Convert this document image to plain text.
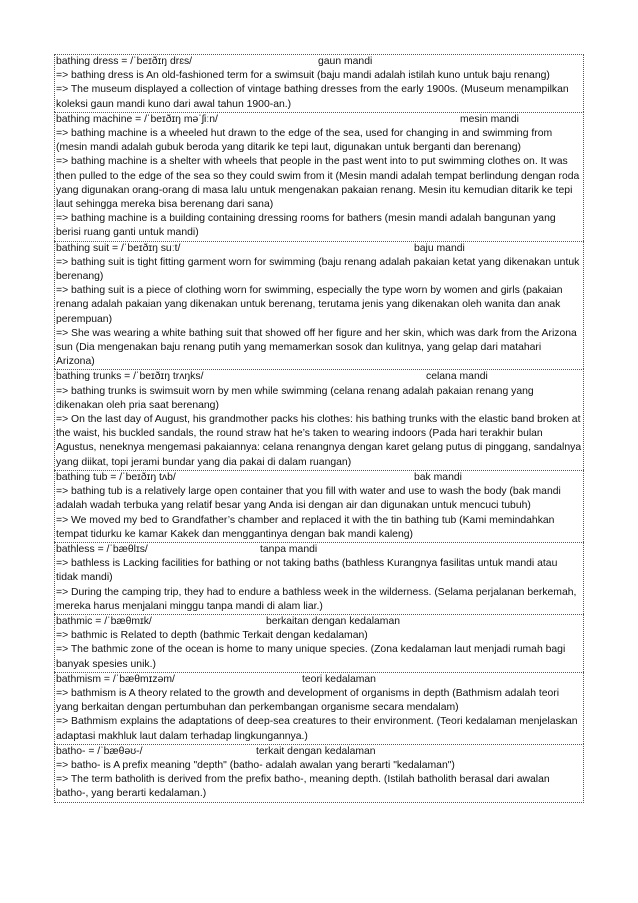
bathing dress = /ˈbeɪðɪŋ drɛs/	gaun mandi

=> bathing dress is An old-fashioned term for a swimsuit (baju mandi adalah istilah kuno untuk baju renang)

=> The museum displayed a collection of vintage bathing dresses from the early 1900s. (Museum menampilkan koleksi gaun mandi kuno dari awal tahun 1900-an.)

bathing machine = /ˈbeɪðɪŋ məˈʃiːn/	mesin mandi

=> bathing machine is a wheeled hut drawn to the edge of the sea, used for changing in and swimming from (mesin mandi adalah gubuk beroda yang ditarik ke tepi laut, digunakan untuk berganti dan berenang)

=> bathing machine is a shelter with wheels that people in the past went into to put swimming clothes on. It was then pulled to the edge of the sea so they could swim from it (Mesin mandi adalah tempat berlindung dengan roda yang digunakan orang-orang di masa lalu untuk mengenakan pakaian renang. Mesin itu kemudian ditarik ke tepi laut sehingga mereka bisa berenang dari sana)

=> bathing machine is a building containing dressing rooms for bathers (mesin mandi adalah bangunan yang berisi ruang ganti untuk mandi)

bathing suit = /ˈbeɪðɪŋ suːt/	baju mandi

=> bathing suit is tight fitting garment worn for swimming (baju renang adalah pakaian ketat yang dikenakan untuk berenang)

=> bathing suit is a piece of clothing worn for swimming, especially the type worn by women and girls (pakaian renang adalah pakaian yang dikenakan untuk berenang, terutama jenis yang dikenakan oleh wanita dan anak perempuan)

=> She was wearing a white bathing suit that showed off her figure and her skin, which was dark from the Arizona sun (Dia mengenakan baju renang putih yang memamerkan sosok dan kulitnya, yang gelap dari matahari Arizona)

bathing trunks = /ˈbeɪðɪŋ trʌŋks/	celana mandi

=> bathing trunks is swimsuit worn by men while swimming (celana renang adalah pakaian renang yang dikenakan oleh pria saat berenang)

=> On the last day of August, his grandmother packs his clothes: his bathing trunks with the elastic band broken at the waist, his buckled sandals, the round straw hat he’s taken to wearing indoors (Pada hari terakhir bulan Agustus, neneknya mengemasi pakaiannya: celana renangnya dengan karet gelang putus di pinggang, sandalnya yang diikat, topi jerami bundar yang dia pakai di dalam ruangan)

bathing tub = /ˈbeɪðɪŋ tʌb/	bak mandi

=> bathing tub is a relatively large open container that you fill with water and use to wash the body (bak mandi adalah wadah terbuka yang relatif besar yang Anda isi dengan air dan digunakan untuk mencuci tubuh)

=> We moved my bed to Grandfather’s chamber and replaced it with the tin bathing tub (Kami memindahkan tempat tidurku ke kamar Kakek dan menggantinya dengan bak mandi kaleng)

bathless = /ˈbæθlɪs/	tanpa mandi

=> bathless is Lacking facilities for bathing or not taking baths (bathless Kurangnya fasilitas untuk mandi atau tidak mandi)

=> During the camping trip, they had to endure a bathless week in the wilderness. (Selama perjalanan berkemah, mereka harus menjalani minggu tanpa mandi di alam liar.)

bathmic = /ˈbæθmɪk/	berkaitan dengan kedalaman

=> bathmic is Related to depth (bathmic Terkait dengan kedalaman)

=> The bathmic zone of the ocean is home to many unique species. (Zona kedalaman laut menjadi rumah bagi banyak spesies unik.)

bathmism = /ˈbæθmɪzəm/	teori kedalaman

=> bathmism is A theory related to the growth and development of organisms in depth (Bathmism adalah teori yang berkaitan dengan pertumbuhan dan perkembangan organisme secara mendalam)

=> Bathmism explains the adaptations of deep-sea creatures to their environment. (Teori kedalaman menjelaskan adaptasi makhluk laut dalam terhadap lingkungannya.)

batho- = /ˈbæθəʊ-/	terkait dengan kedalaman

=> batho- is A prefix meaning "depth" (batho- adalah awalan yang berarti "kedalaman")

=> The term batholith is derived from the prefix batho-, meaning depth. (Istilah batholith berasal dari awalan batho-, yang berarti kedalaman.)
